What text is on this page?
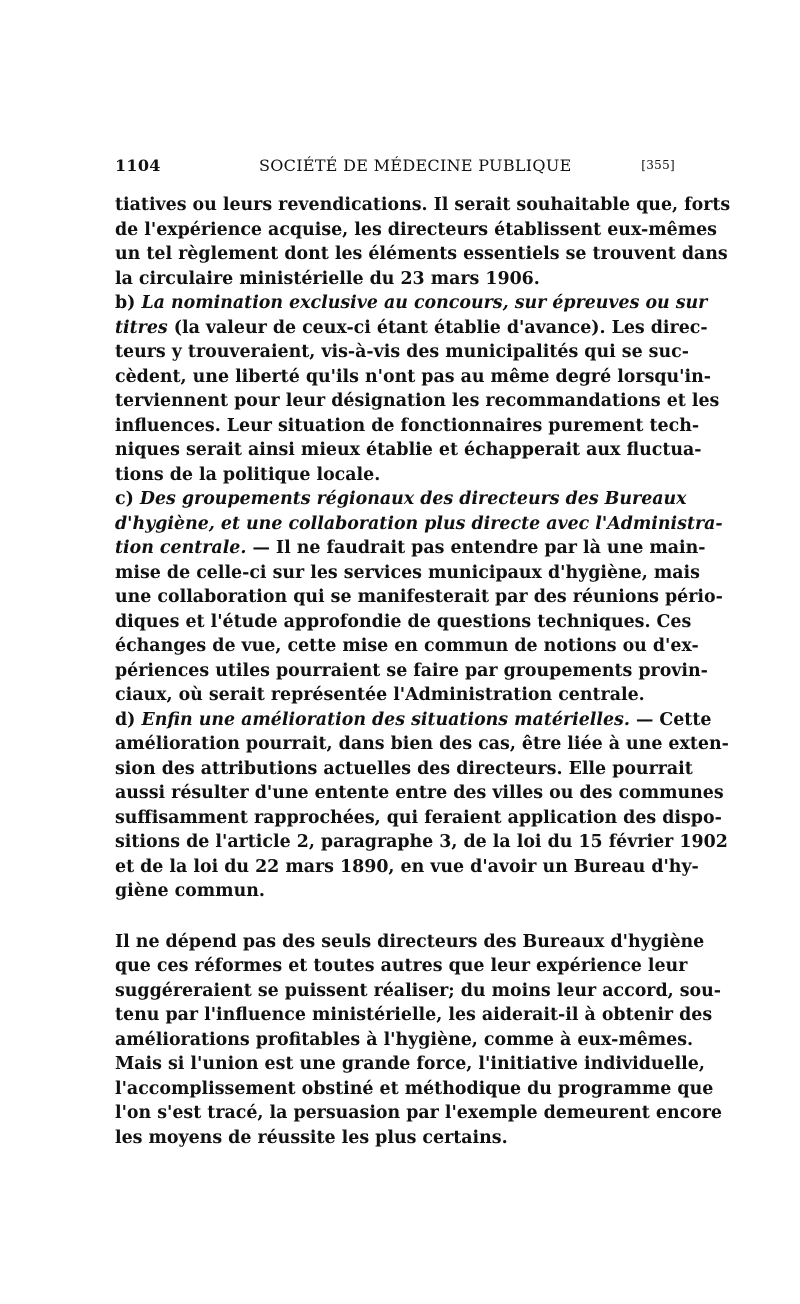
1104	SOCIÉTÉ DE MÉDECINE PUBLIQUE	[355]
tiatives ou leurs revendications. Il serait souhaitable que, forts
de l'expérience acquise, les directeurs établissent eux-mêmes
un tel règlement dont les éléments essentiels se trouvent dans
la circulaire ministérielle du 23 mars 1906.
b) La nomination exclusive au concours, sur épreuves ou sur
titres (la valeur de ceux-ci étant établie d'avance). Les direc-
teurs y trouveraient, vis-à-vis des municipalités qui se suc-
cèdent, une liberté qu'ils n'ont pas au même degré lorsqu'in-
terviennent pour leur désignation les recommandations et les
influences. Leur situation de fonctionnaires purement tech-
niques serait ainsi mieux établie et échapperait aux fluctua-
tions de la politique locale.
c) Des groupements régionaux des directeurs des Bureaux
d'hygiène, et une collaboration plus directe avec l'Administra-
tion centrale. — Il ne faudrait pas entendre par là une main-
mise de celle-ci sur les services municipaux d'hygiène, mais
une collaboration qui se manifesterait par des réunions pério-
diques et l'étude approfondie de questions techniques. Ces
échanges de vue, cette mise en commun de notions ou d'ex-
périences utiles pourraient se faire par groupements provin-
ciaux, où serait représentée l'Administration centrale.
d) Enfin une amélioration des situations matérielles. — Cette
amélioration pourrait, dans bien des cas, être liée à une exten-
sion des attributions actuelles des directeurs. Elle pourrait
aussi résulter d'une entente entre des villes ou des communes
suffisamment rapprochées, qui feraient application des dispo-
sitions de l'article 2, paragraphe 3, de la loi du 15 février 1902
et de la loi du 22 mars 1890, en vue d'avoir un Bureau d'hy-
giène commun.
Il ne dépend pas des seuls directeurs des Bureaux d'hygiène
que ces réformes et toutes autres que leur expérience leur
suggéreraient se puissent réaliser; du moins leur accord, sou-
tenu par l'influence ministérielle, les aiderait-il à obtenir des
améliorations profitables à l'hygiène, comme à eux-mêmes.
Mais si l'union est une grande force, l'initiative individuelle,
l'accomplissement obstiné et méthodique du programme que
l'on s'est tracé, la persuasion par l'exemple demeurent encore
les moyens de réussite les plus certains.
